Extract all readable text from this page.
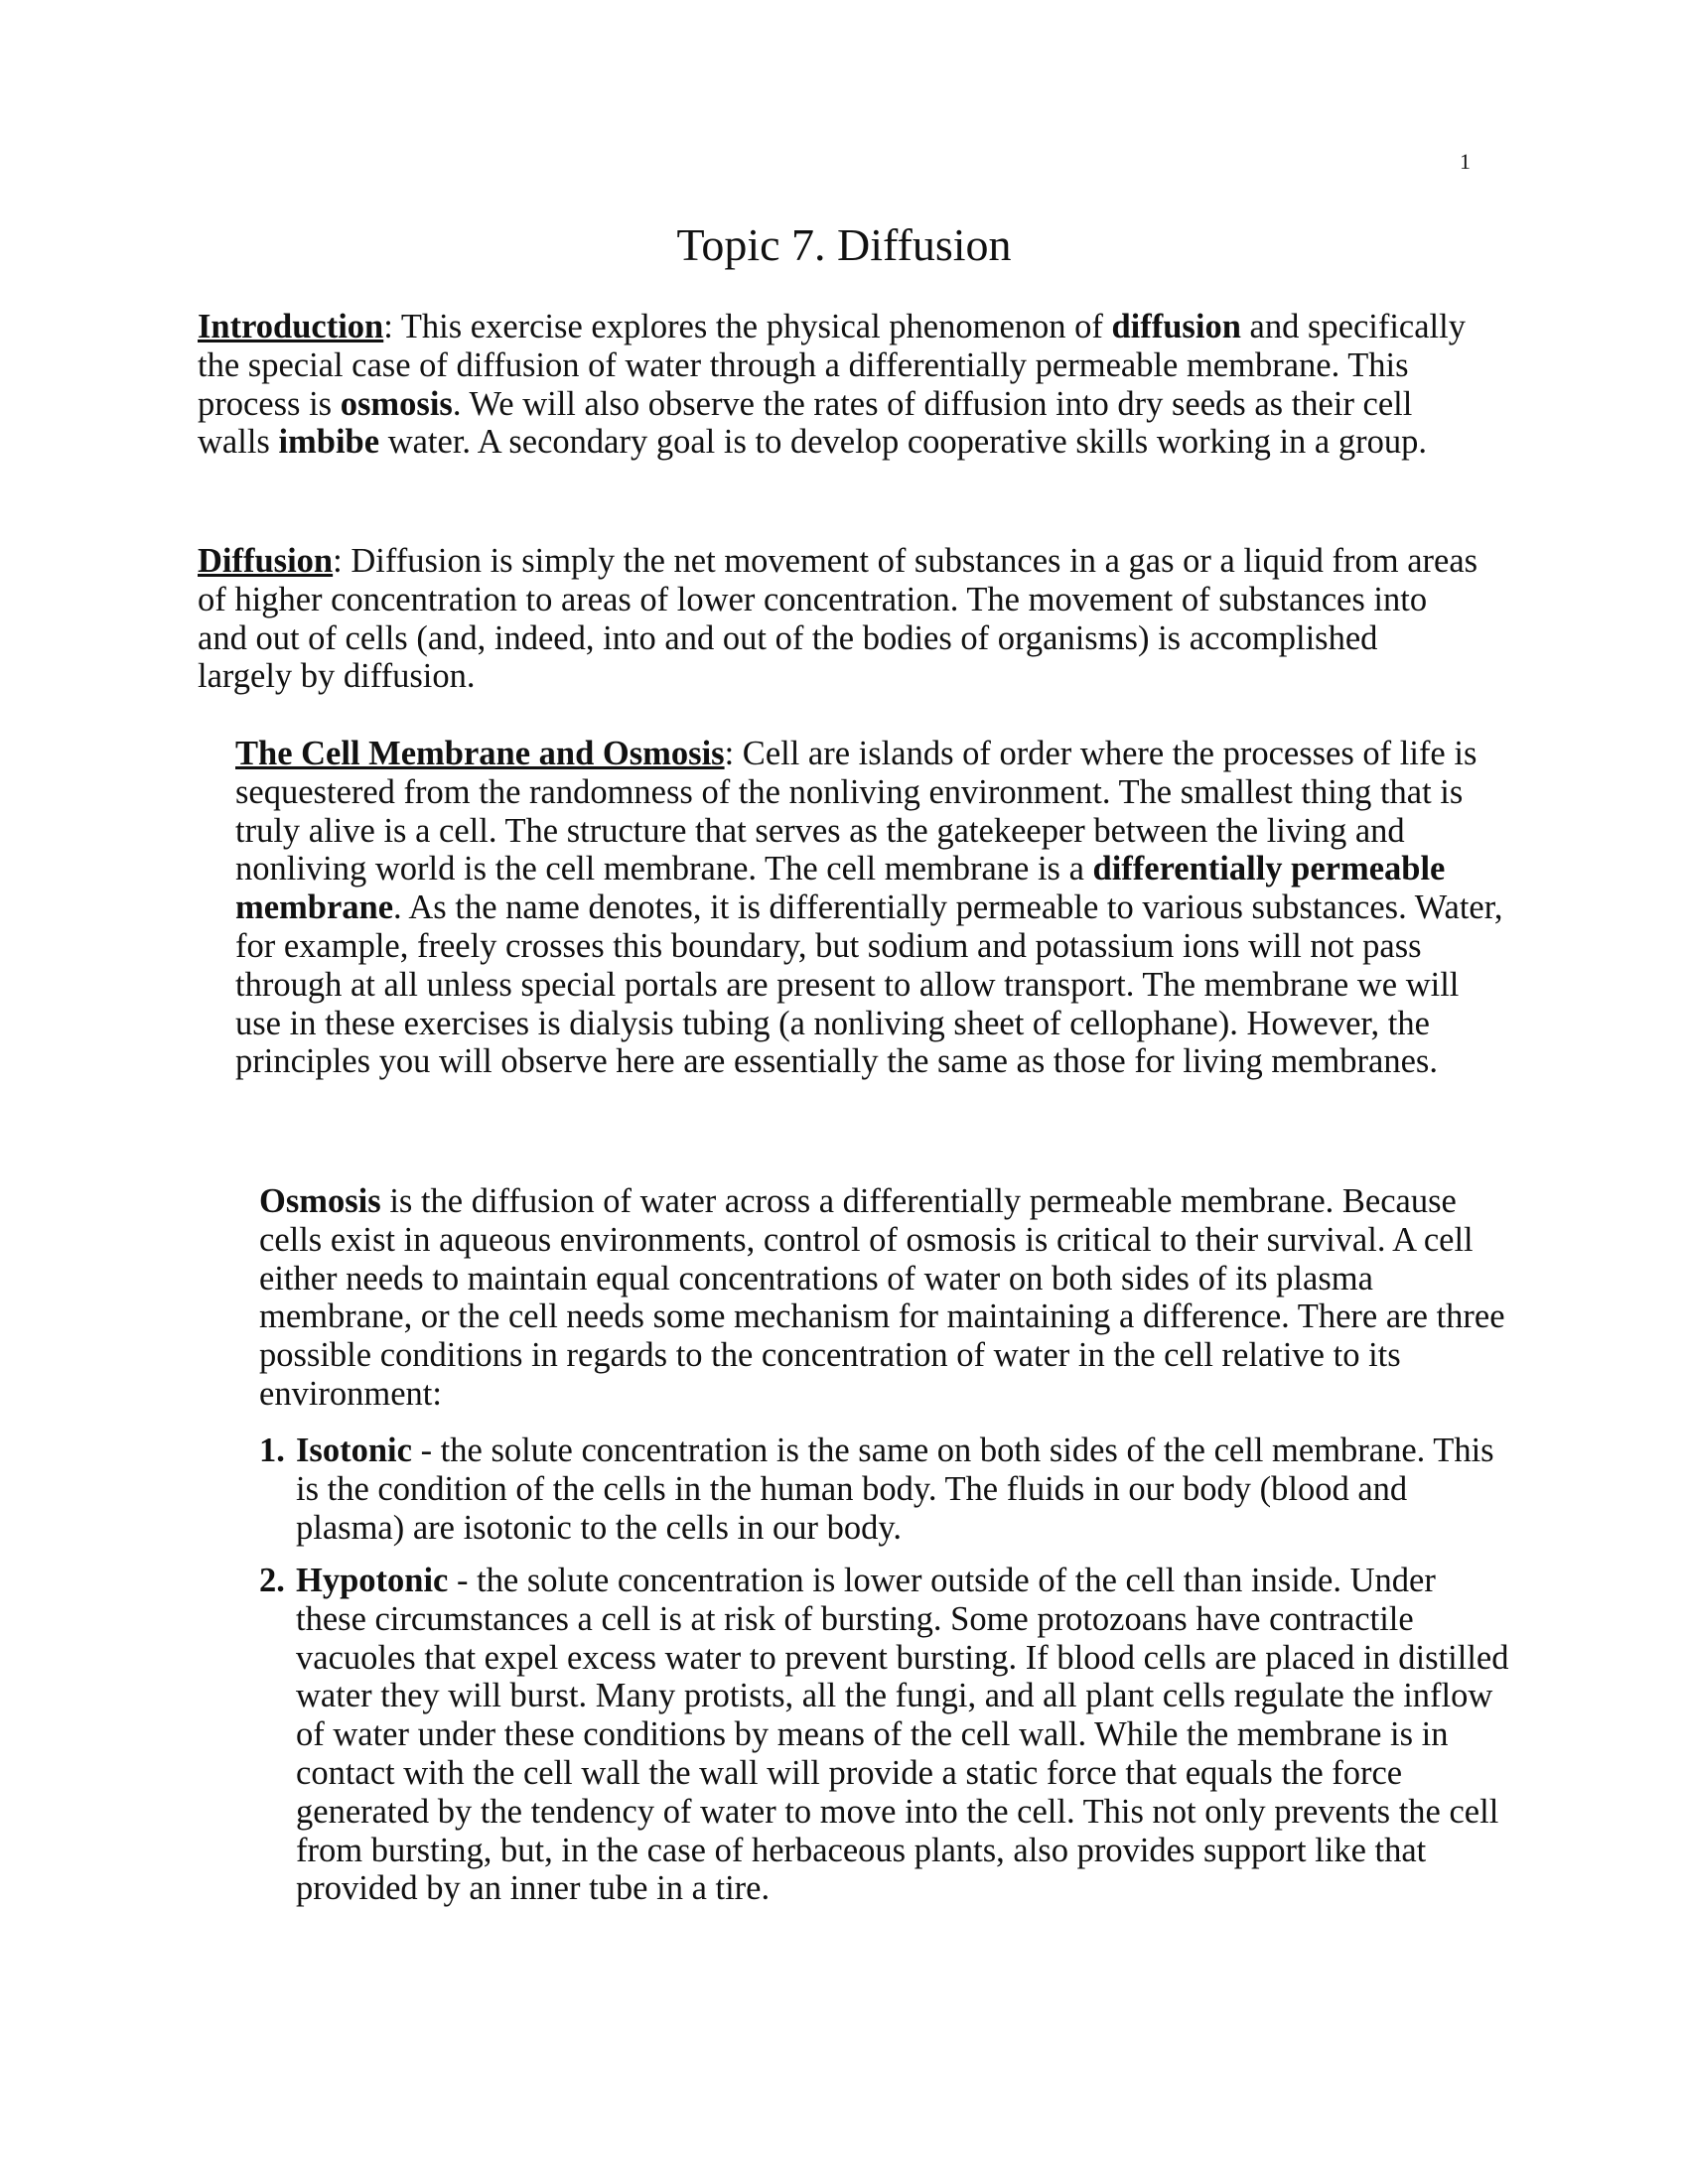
1
Topic 7. Diffusion

Introduction: This exercise explores the physical phenomenon of diffusion and specifically the special case of diffusion of water through a differentially permeable membrane. This process is osmosis. We will also observe the rates of diffusion into dry seeds as their cell walls imbibe water. A secondary goal is to develop cooperative skills working in a group.

Diffusion: Diffusion is simply the net movement of substances in a gas or a liquid from areas of higher concentration to areas of lower concentration. The movement of substances into and out of cells (and, indeed, into and out of the bodies of organisms) is accomplished largely by diffusion.

The Cell Membrane and Osmosis: Cell are islands of order where the processes of life is sequestered from the randomness of the nonliving environment. The smallest thing that is truly alive is a cell. The structure that serves as the gatekeeper between the living and nonliving world is the cell membrane. The cell membrane is a differentially permeable membrane. As the name denotes, it is differentially permeable to various substances. Water, for example, freely crosses this boundary, but sodium and potassium ions will not pass through at all unless special portals are present to allow transport. The membrane we will use in these exercises is dialysis tubing (a nonliving sheet of cellophane). However, the principles you will observe here are essentially the same as those for living membranes.

Osmosis is the diffusion of water across a differentially permeable membrane. Because cells exist in aqueous environments, control of osmosis is critical to their survival. A cell either needs to maintain equal concentrations of water on both sides of its plasma membrane, or the cell needs some mechanism for maintaining a difference. There are three possible conditions in regards to the concentration of water in the cell relative to its environment:

1. Isotonic - the solute concentration is the same on both sides of the cell membrane. This is the condition of the cells in the human body. The fluids in our body (blood and plasma) are isotonic to the cells in our body.
2. Hypotonic - the solute concentration is lower outside of the cell than inside. Under these circumstances a cell is at risk of bursting. Some protozoans have contractile vacuoles that expel excess water to prevent bursting. If blood cells are placed in distilled water they will burst. Many protists, all the fungi, and all plant cells regulate the inflow of water under these conditions by means of the cell wall. While the membrane is in contact with the cell wall the wall will provide a static force that equals the force generated by the tendency of water to move into the cell. This not only prevents the cell from bursting, but, in the case of herbaceous plants, also provides support like that provided by an inner tube in a tire.
